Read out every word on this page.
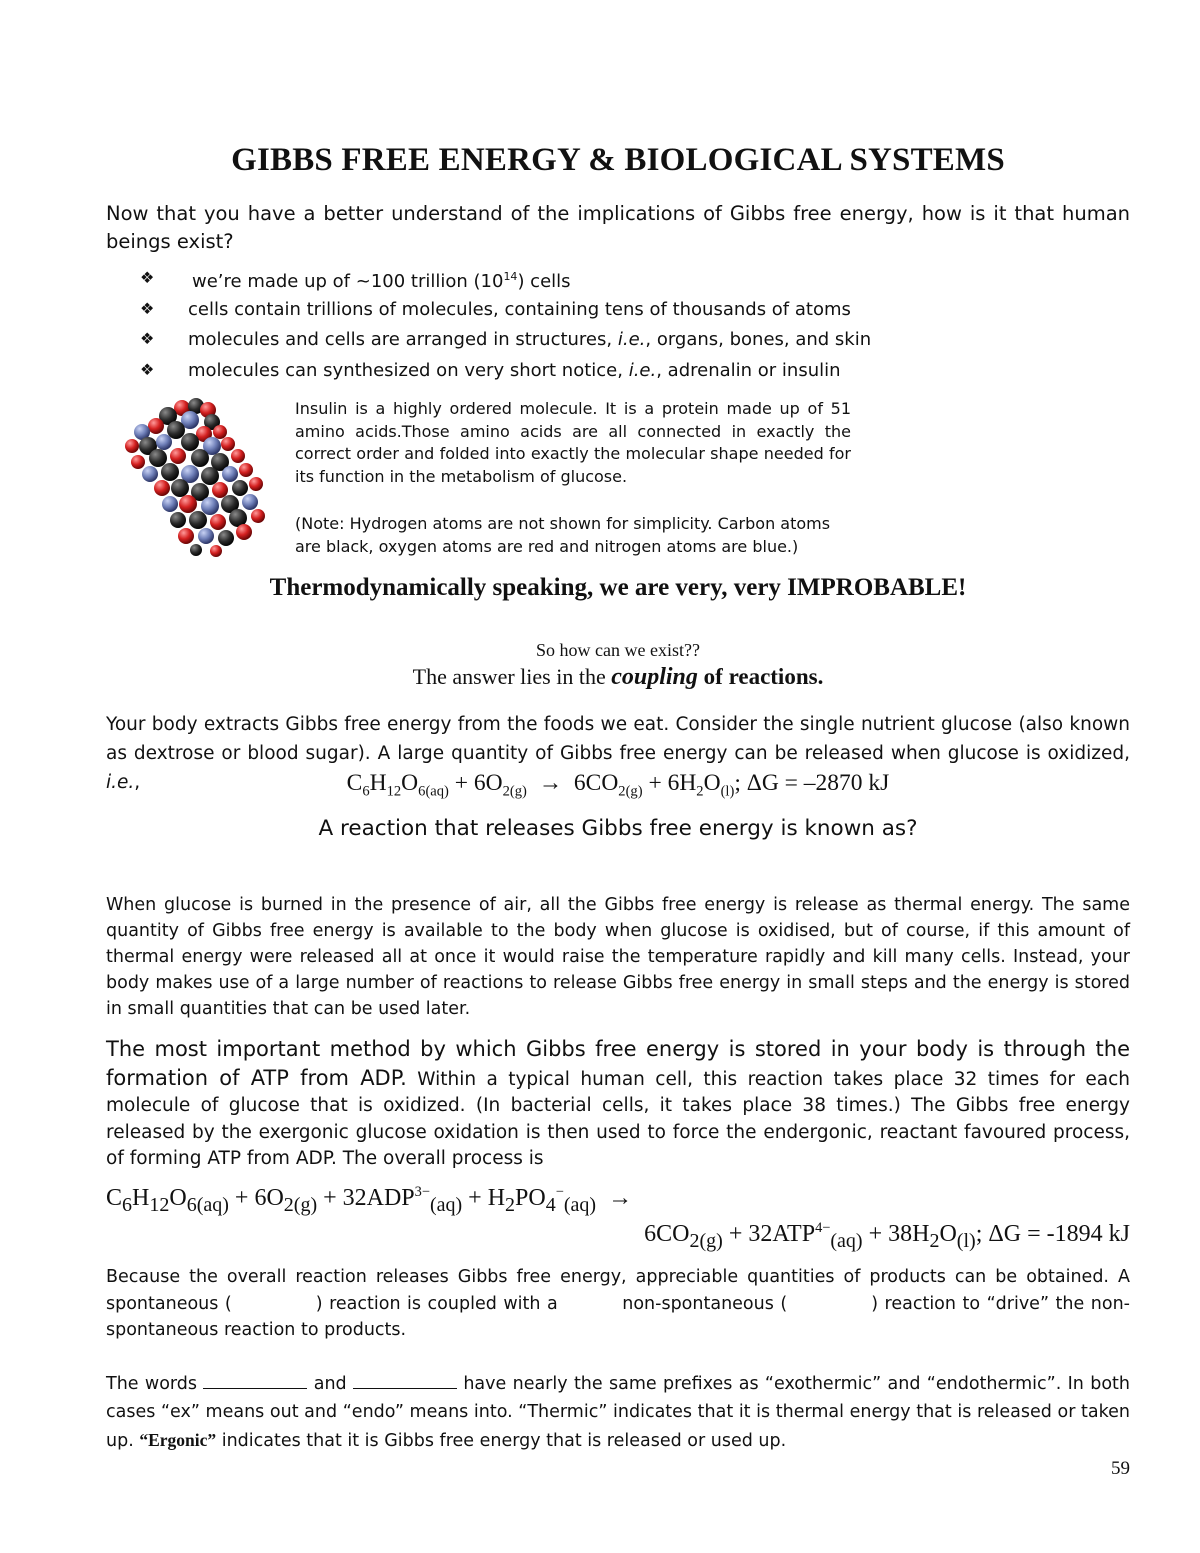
GIBBS FREE ENERGY & BIOLOGICAL SYSTEMS
Now that you have a better understand of the implications of Gibbs free energy, how is it that human beings exist?
❖	we’re made up of ~100 trillion $(10^{14})$ cells
❖	cells contain trillions of molecules, containing tens of thousands of atoms
❖	molecules and cells are arranged in structures, i.e., organs, bones, and skin
❖	molecules can synthesized on very short notice, i.e., adrenalin or insulin
Insulin is a highly ordered molecule. It is a protein made up of 51 amino acids.Those amino acids are all connected in exactly the correct order and folded into exactly the molecular shape needed for its function in the metabolism of glucose.
(Note: Hydrogen atoms are not shown for simplicity. Carbon atoms are black, oxygen atoms are red and nitrogen atoms are blue.)
Thermodynamically speaking, we are very, very IMPROBABLE!
So how can we exist??
The answer lies in the coupling of reactions.
Your body extracts Gibbs free energy from the foods we eat. Consider the single nutrient glucose (also known as dextrose or blood sugar). A large quantity of Gibbs free energy can be released when glucose is oxidized, i.e.,	$C_6H_{12}O_{6(aq)} + 6O_{2(g)} \to 6CO_{2(g)} + 6H_2O_{(l)}$; ΔG = –2870 kJ
A reaction that releases Gibbs free energy is known as?
When glucose is burned in the presence of air, all the Gibbs free energy is release as thermal energy. The same quantity of Gibbs free energy is available to the body when glucose is oxidised, but of course, if this amount of thermal energy were released all at once it would raise the temperature rapidly and kill many cells. Instead, your body makes use of a large number of reactions to release Gibbs free energy in small steps and the energy is stored in small quantities that can be used later.
The most important method by which Gibbs free energy is stored in your body is through the formation of ATP from ADP. Within a typical human cell, this reaction takes place 32 times for each molecule of glucose that is oxidized. (In bacterial cells, it takes place 38 times.) The Gibbs free energy released by the exergonic glucose oxidation is then used to force the endergonic, reactant favoured process, of forming ATP from ADP. The overall process is
$C_6H_{12}O_{6(aq)} + 6O_{2(g)} + 32ADP^{3-}_{(aq)} + H_2PO_4^-_{(aq)}$  →
$6CO_{2(g)} + 32ATP^{4-}_{(aq)} + 38H_2O_{(l)}$; ΔG = -1894 kJ
Because the overall reaction releases Gibbs free energy, appreciable quantities of products can be obtained. A spontaneous (	) reaction is coupled with a	non-spontaneous (	) reaction to “drive” the non-spontaneous reaction to products.
The words	and	have nearly the same prefixes as “exothermic” and “endothermic”. In both cases “ex” means out and “endo” means into. “Thermic” indicates that it is thermal energy that is released or taken up. “Ergonic” indicates that it is Gibbs free energy that is released or used up.
59
